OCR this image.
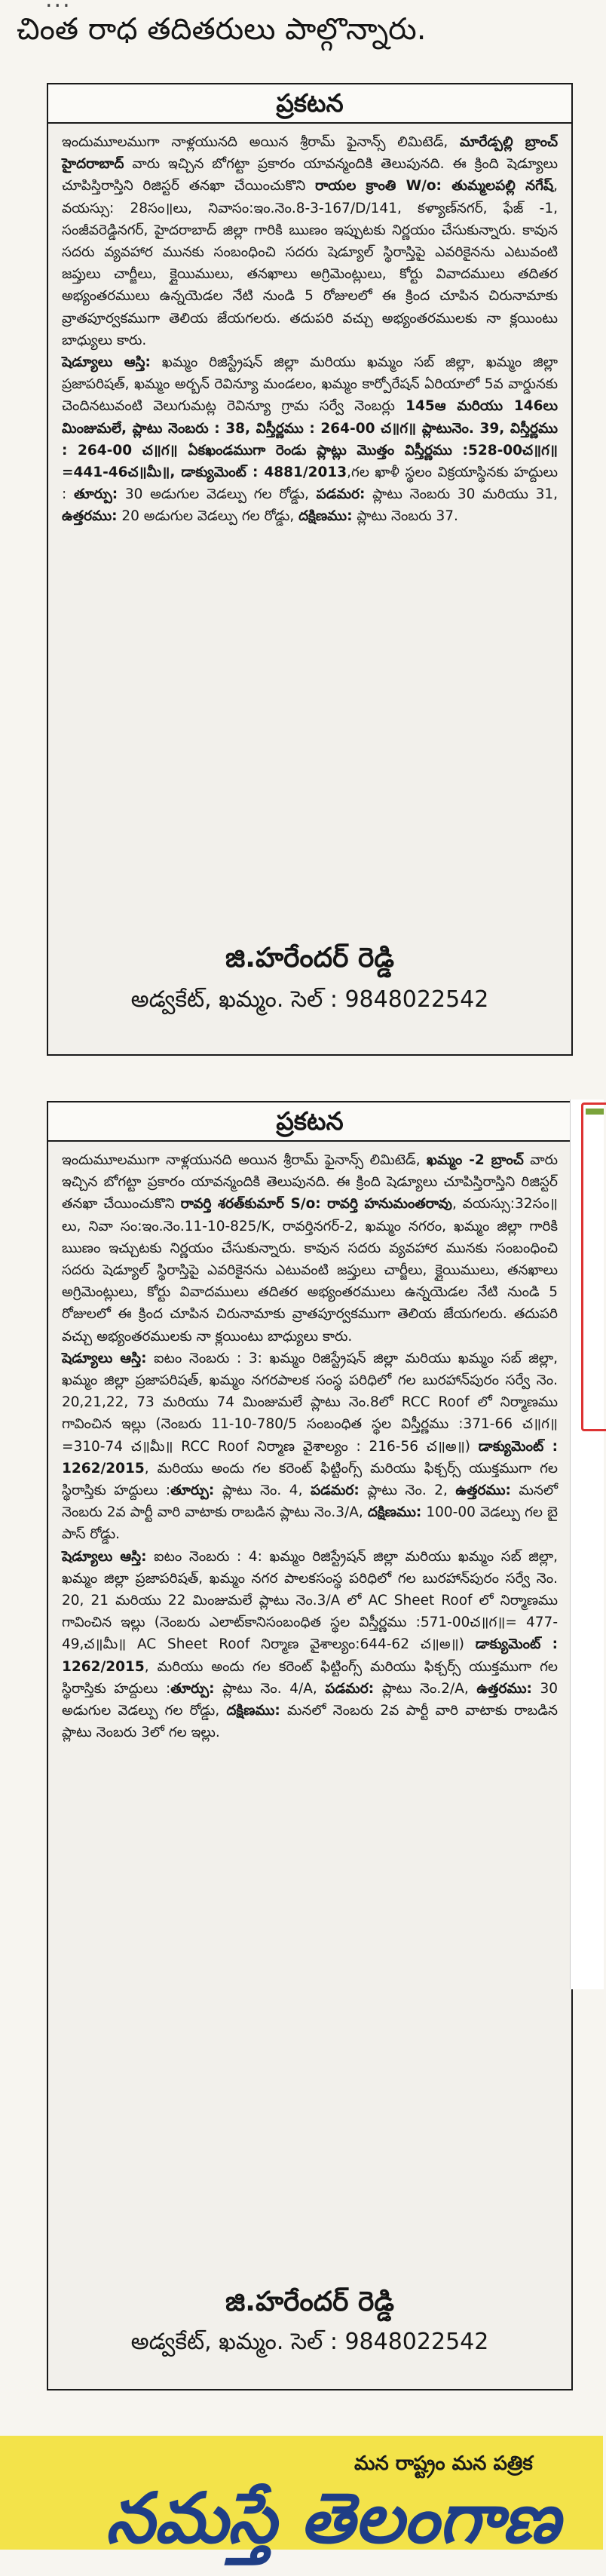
చింత రాధ తదితరులు పాల్గొన్నారు.
ప్రకటన

ఇందుమూలముగా నాళ్లయునది అయిన శ్రీరామ్ ఫైనాన్స్ లిమిటెడ్, మారేడ్పల్లి బ్రాంచ్ హైదరాబాద్ వారు ఇచ్చిన బోగట్టా ప్రకారం యావన్మందికి తెలుపునది. ఈ క్రింది షెడ్యూలు చూపిస్తిరాస్తిని రిజిస్టర్ తనఖా చేయించుకొని రాయల క్రాంతి W/o: తుమ్మలపల్లి నగేష్, వయస్సు: 28సం॥లు, నివాసం:ఇం.నెం.8-3-167/D/141, కళ్యాణ్‌నగర్, ఫేజ్ -1, సంజీవరెడ్డినగర్, హైదరాబాద్ జిల్లా గారికి ఋణం ఇప్పుటకు నిర్ణయం చేసుకున్నారు. కావున సదరు వ్యవహార మునకు సంబంధించి సదరు షెడ్యూల్ స్థిరాస్తిపై ఎవరికైనను ఎటువంటి జప్తులు చార్జీలు, క్లైయిములు, తనఖాలు అగ్రిమెంట్లులు, కోర్టు వివాదములు తదితర అభ్యంతరములు ఉన్నయెడల నేటి నుండి 5 రోజులలో ఈ క్రింద చూపిన చిరునామాకు వ్రాతపూర్వకముగా తెలియ జేయగలరు. తదుపరి వచ్చు అభ్యంతరములకు నా క్లయింటు బాధ్యులు కారు.

షెడ్యూలు ఆస్తి: ఖమ్మం రిజిస్ట్రేషన్ జిల్లా మరియు ఖమ్మం సబ్ జిల్లా, ఖమ్మం జిల్లా ప్రజాపరిషత్, ఖమ్మం అర్బన్ రెవిన్యూ మండలం, ఖమ్మం కార్పోరేషన్ ఏరియాలో 5వ వార్డునకు చెందినటువంటి వెలుగుమట్ల రెవిన్యూ గ్రామ సర్వే నెంబర్లు 145ఆ మరియు 146లు మింజుమలే, ప్లాటు నెంబరు : 38, విస్తీర్ణము : 264-00 చ॥గ॥ ప్లాటునెం. 39, విస్తీర్ణము : 264-00 చ॥గ॥ ఏకఖండముగా రెండు ప్లాట్లు మొత్తం విస్తీర్ణము :528-00చ॥గ॥=441-46చ॥మీ॥, డాక్యుమెంట్ : 4881/2013,గల ఖాళీ స్థలం విక్రయాస్థినకు హద్దులు : తూర్పు: 30 అడుగుల వెడల్పు గల రోడ్డు, పడమర: ప్లాటు నెంబరు 30 మరియు 31, ఉత్తరము: 20 అడుగుల వెడల్పు గల రోడ్డు, దక్షిణము: ప్లాటు నెంబరు 37.

జి.హరేందర్ రెడ్డి
అడ్వకేట్, ఖమ్మం. సెల్ : 9848022542
ప్రకటన

ఇందుమూలముగా నాళ్లయునది అయిన శ్రీరామ్ ఫైనాన్స్ లిమిటెడ్, ఖమ్మం -2 బ్రాంచ్ వారు ఇచ్చిన బోగట్టా ప్రకారం యావన్మందికి తెలుపునది. ఈ క్రింది షెడ్యూలు చూపిస్తిరాస్తిని రిజిస్టర్ తనఖా చేయించుకొని రావర్తి శరత్‌కుమార్ S/o: రావర్తి హనుమంతరావు, వయస్సు:32సం॥లు, నివా సం:ఇం.నెం.11-10-825/K, రావర్తినగర్-2, ఖమ్మం నగరం, ఖమ్మం జిల్లా గారికి ఋణం ఇచ్చుటకు నిర్ణయం చేసుకున్నారు. కావున సదరు వ్యవహార మునకు సంబంధించి సదరు షెడ్యూల్ స్థిరాస్తిపై ఎవరికైనను ఎటువంటి జప్తులు చార్జీలు, క్లైయిములు, తనఖాలు అగ్రిమెంట్లులు, కోర్టు వివాదములు తదితర అభ్యంతరములు ఉన్నయెడల నేటి నుండి 5 రోజులలో ఈ క్రింద చూపిన చిరునామాకు వ్రాతపూర్వకముగా తెలియ జేయగలరు. తదుపరి వచ్చు అభ్యంతరములకు నా క్లయింటు బాధ్యులు కారు.

షెడ్యూలు ఆస్తి: ఐటం నెంబరు : 3: ఖమ్మం రిజిస్ట్రేషన్ జిల్లా మరియు ఖమ్మం సబ్ జిల్లా, ఖమ్మం జిల్లా ప్రజాపరిషత్, ఖమ్మం నగరపాలక సంస్థ పరిధిలో గల బురహాన్‌పురం సర్వే నెం. 20,21,22, 73 మరియు 74 మింజుమలే ప్లాటు నెం.8లో RCC Roof లో నిర్మాణము గావించిన ఇల్లు (నెంబరు 11-10-780/5 సంబంధిత స్థల విస్తీర్ణము :371-66 చ॥గ॥=310-74 చ॥మీ॥ RCC Roof నిర్మాణ వైశాల్యం : 216-56 చ॥అ॥) డాక్యుమెంట్ : 1262/2015, మరియు అందు గల కరెంట్ ఫిట్టింగ్స్ మరియు ఫిక్చర్స్ యుక్తముగా గల స్థిరాస్తికు హద్దులు :తూర్పు: ప్లాటు నెం. 4, పడమర: ప్లాటు నెం. 2, ఉత్తరము: మనలో నెంబరు 2వ పార్టీ వారి వాటాకు రాబడిన ప్లాటు నెం.3/A, దక్షిణము: 100-00 వెడల్పు గల బై పాస్ రోడ్డు.

షెడ్యూలు ఆస్తి: ఐటం నెంబరు : 4: ఖమ్మం రిజిస్ట్రేషన్ జిల్లా మరియు ఖమ్మం సబ్ జిల్లా, ఖమ్మం జిల్లా ప్రజాపరిషత్, ఖమ్మం నగర పాలకసంస్థ పరిధిలో గల బురహాన్‌పురం సర్వే నెం. 20, 21 మరియు 22 మింజుమలే ప్లాటు నెం.3/A లో AC Sheet Roof లో నిర్మాణము గావించిన ఇల్లు (నెంబరు ఎలాట్‌కానిసంబంధిత స్థల విస్తీర్ణము :571-00చ॥గ॥= 477-49,చ॥మీ॥ AC Sheet Roof నిర్మాణ వైశాల్యం:644-62 చ॥అ॥) డాక్యుమెంట్ : 1262/2015, మరియు అందు గల కరెంట్ ఫిట్టింగ్స్ మరియు ఫిక్చర్స్ యుక్తముగా గల స్థిరాస్తికు హద్దులు :తూర్పు: ప్లాటు నెం. 4/A, పడమర: ప్లాటు నెం.2/A, ఉత్తరము: 30 అడుగుల వెడల్పు గల రోడ్డు, దక్షిణము: మనలో నెంబరు 2వ పార్టీ వారి వాటాకు రాబడిన ప్లాటు నెంబరు 3లో గల ఇల్లు.

జి.హరేందర్ రెడ్డి
అడ్వకేట్, ఖమ్మం. సెల్ : 9848022542
మన రాష్ట్రం మన పత్రిక
నమస్తే తెలంగాణ
